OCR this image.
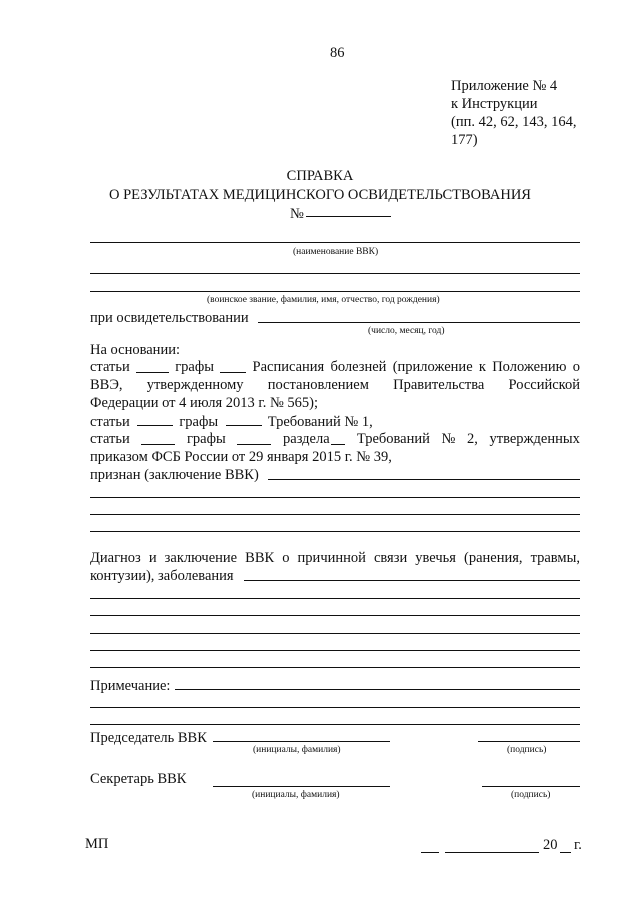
86
Приложение № 4
к Инструкции
(пп. 42, 62, 143, 164,
177)
СПРАВКА
О РЕЗУЛЬТАТАХ МЕДИЦИНСКОГО ОСВИДЕТЕЛЬСТВОВАНИЯ
№
(наименование ВВК)
(воинское звание, фамилия, имя, отчество, год рождения)
при освидетельствовании
(число, месяц, год)
На основании:
статьи	графы	Расписания болезней (приложение к Положению о
ВВЭ, утвержденному постановлением Правительства Российской
Федерации от 4 июля 2013 г. № 565);
статьи	графы	Требований № 1,
статьи	графы	раздела Требований № 2, утвержденных
приказом ФСБ России от 29 января 2015 г. № 39,
признан (заключение ВВК)
Диагноз и заключение ВВК о причинной связи увечья (ранения, травмы,
контузии), заболевания
Примечание:
Председатель ВВК
(инициалы, фамилия)	(подпись)
Секретарь ВВК
(инициалы, фамилия)	(подпись)
МП	20 г.
